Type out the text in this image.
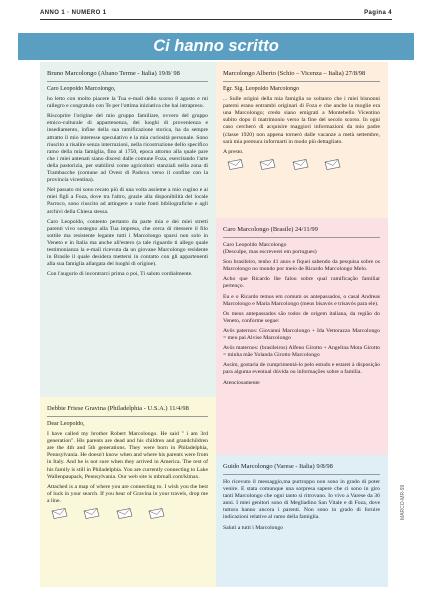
ANNO 1 · NUMERO 1	Pagina 4
Ci hanno scritto
Bruno Marcolongo (Abano Terme - Italia) 19/8/ 98

Caro Leopoldo Marcolongo,

ho letto con molto piacere la Tua e-mail dello scorso 8 agosto e mi rallegro e congratulo con Te per l'ottima iniziativa che hai intrapreso.

Riscoprire l'origine del mio gruppo familiare, ovvero del gruppo etnico-culturale di appartenenza, dei luoghi di provenienza e insediamento, infine della sua ramificazione storica, ha da sempre attratto il mio interesse speculativo e la mia curiosità personale. Sono riuscito a risalire senza interruzioni, nella ricostruzione dello specifico ramo della mia famiglia, fino al 1750, epoca attorno alla quale pare che i miei antenati siano discesi dalle comune Foza, esercitando l'arte della pastorizia, per stabilirsi come agricoltori stanziali nella zona di Trambacche (comune ad Ovest di Padova verso il confine con la provincia vicentina).

Nel passato mi sono recato più di una volta assieme a mio cugino e ai miei figli a Foza, dove tra l'altro, grazie alla disponibilità del locale Parroco, sono riuscito ad attingere a varie fonti bibliografiche e agli archivi della Chiesa stessa.

Caro Leopoldo, contento pertanto da parte mia e dei miei stretti parenti vivo sostegno alla Tua impresa, che cerca di ritessere il filo sottile ma resistente legante tutti i Marcolongo sparsi non solo in Veneto e in Italia ma anche all'estero (a tale riguardo ti allego quale testimonianza la e-mail ricevuta da un giovane Marcolongo residente in Brasile il quale desidera mettersi in contatto con gli appartenenti alla sua famiglia allargata dei luoghi di origine).

Con l'augurio di incontrarci prima o poi, Ti saluto cordialmente.

Marcolongo Alberto (Schio – Vicenza – Italia) 27/8/98

Egr. Sig. Leopoldo Marcolongo

... Sulle origini della mia famiglia so soltanto che i miei bisnonni paterni erano entrambi originari di Foza e che anche la moglie era una Marcolongo; credo siano emigrati a Montebello Vicentino subito dopo il matrimonio verso la fine del secolo scorso. In ogni caso cercherò di acquisire maggiori informazioni da mio padre (classe 1920) non appena tornerò dalle vacanze a metà settembre, sarà mia premura informarti in modo più dettagliato.

A presto.

Caro Marcolongo (Brasile) 24/11/99

Caro Leopoldo Marcolongo

(Desculpe, mas escreverei em portugues)

Sou brasileiro, tenho 41 anos e fiquei sabendo da pesquisa sobre os Marcolongo no mundo por meio de Ricardo Marcolongo Melo.

Acho que Ricardo lhe falou sobre qual ramificação familiar pertenço.

Eu e o Ricardo temos em comum os antepassados, o casal Andreas Marcolongo e Maria Marcolongo (meus bisavós e trisavós para ele).

Os meus antepassados são todos de origem italiana, da região do Veneto, conforme segue:

Avôs paternos: Giovanni Marcolongo + Ida Vettorazzo Marcolongo = meu pai Alvise Marcolongo

Avôs maternos: (brasileiros) Alfeno Girotto + Angelina Mota Girotto = minha mãe Yolanda Girotto Marcolongo

Assim, gostaria de cumprimentá-lo pelo estudo e estarei à disposição para alguma eventual dúvida ou informações sobre a família.

Atenciosamente

Debbie Friese Gravina (Philadelphia - U.S.A.) 11/4/98

Dear Leopoldo,

I have called my brother Robert Marcolongo. He said " i am 3rd generation". His parents are dead and his children and grandchildren are the 4th and 5th generations. They were born in Philadelphia, Pennsylvania. He doesn't know when and where his parents were from in Italy. And he is not sure when they arrived in America. The rest of his family is still in Philadelphia. You are currently connecting to Lake Wallenpaupack, Pennsylvania. Our web site is mbrnall.com/kimax.

Attached is a map of where you are connecting to. I wish you the best of luck in your search. If you hear of Gravina in your travels, drop me a line.

Guido Marcolongo (Varese - Italia) 9/8/98

Ho ricevuto il messaggio,ma purtroppo non sono in grado di poter venire. E stata comunque una sorpresa sapere che ci sono in giro tanti Marcolongo che ogni tanto si ritrovano. Io vivo a Varese da 36 anni. I miei genitori sono di Megliadino San Vitale e di Foza, dove tuttora hanno ancora i parenti. Non sono in grado di fornire indicazioni relative al ramo della famiglia.

Saluti a tutti i Marcolongo

MARCO-MR-99
